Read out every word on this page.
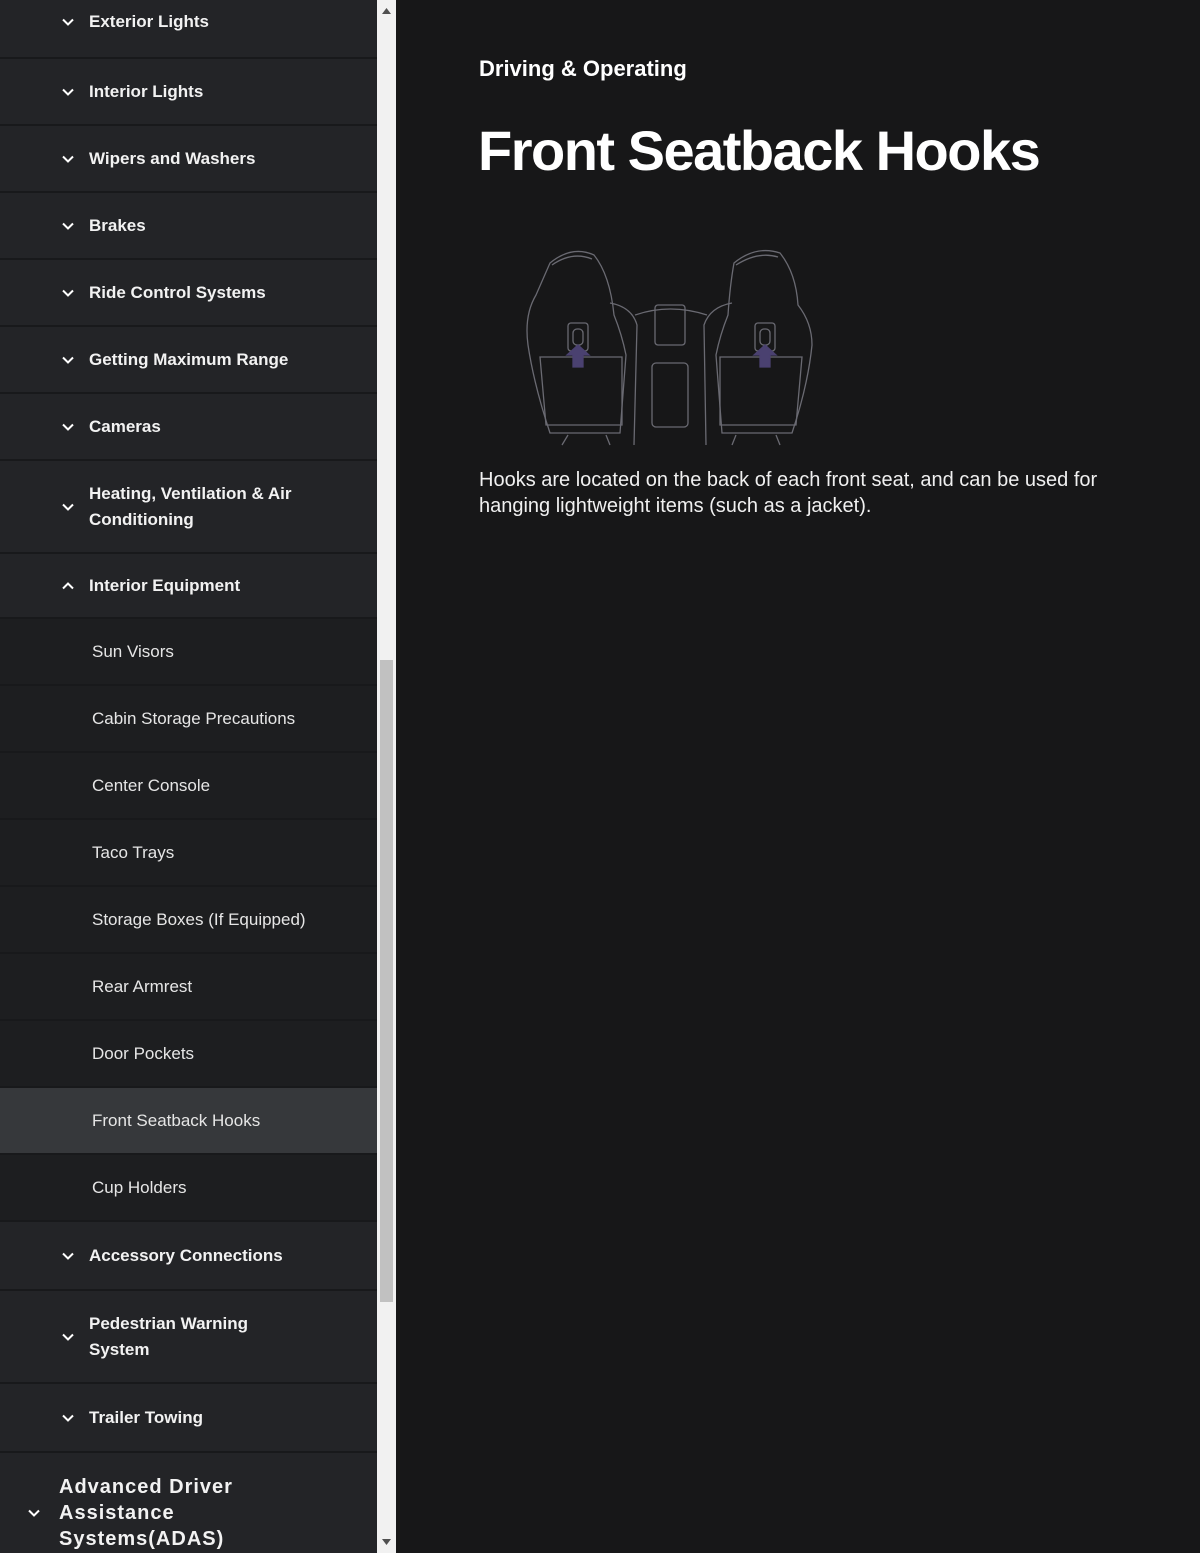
Exterior Lights
Interior Lights
Wipers and Washers
Brakes
Ride Control Systems
Getting Maximum Range
Cameras
Heating, Ventilation & Air Conditioning
Interior Equipment
Sun Visors
Cabin Storage Precautions
Center Console
Taco Trays
Storage Boxes (If Equipped)
Rear Armrest
Door Pockets
Front Seatback Hooks
Cup Holders
Accessory Connections
Pedestrian Warning System
Trailer Towing
Advanced Driver Assistance Systems(ADAS)
Driving & Operating
Front Seatback Hooks

Hooks are located on the back of each front seat, and can be used for hanging lightweight items (such as a jacket).
